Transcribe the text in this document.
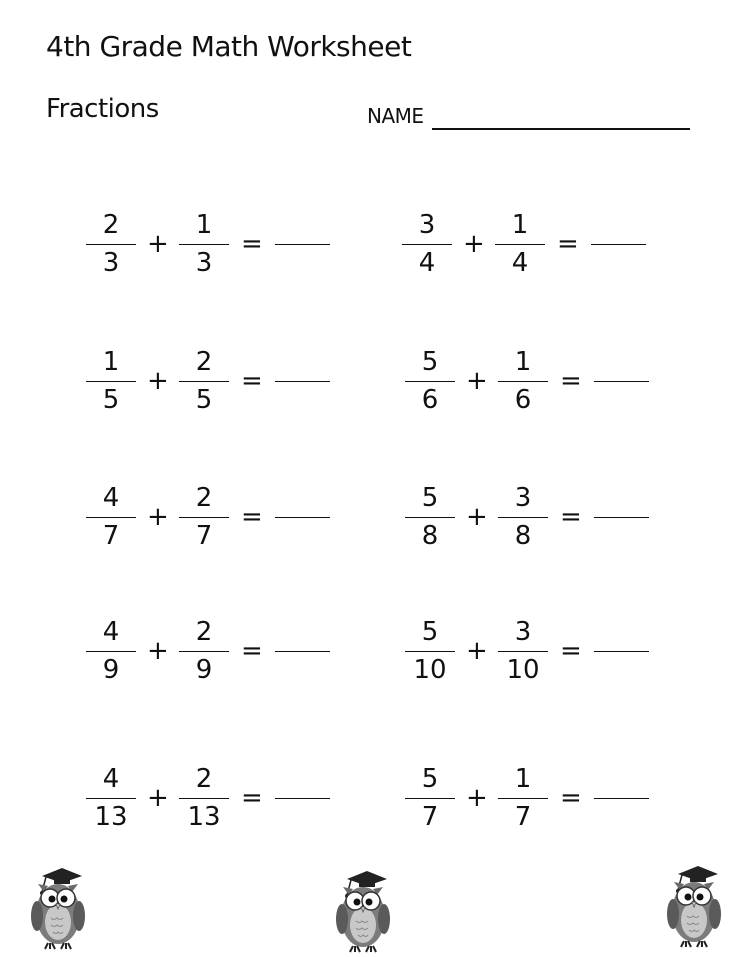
4th Grade Math Worksheet
Fractions	NAME
2
3
+
1
3
=
3
4
+
1
4
=
1
5
+
2
5
=
5
6
+
1
6
=
4
7
+
2
7
=
5
8
+
3
8
=
4
9
+
2
9
=
5
10
+
3
10
=
4
13
+
2
13
=
5
7
+
1
7
=
